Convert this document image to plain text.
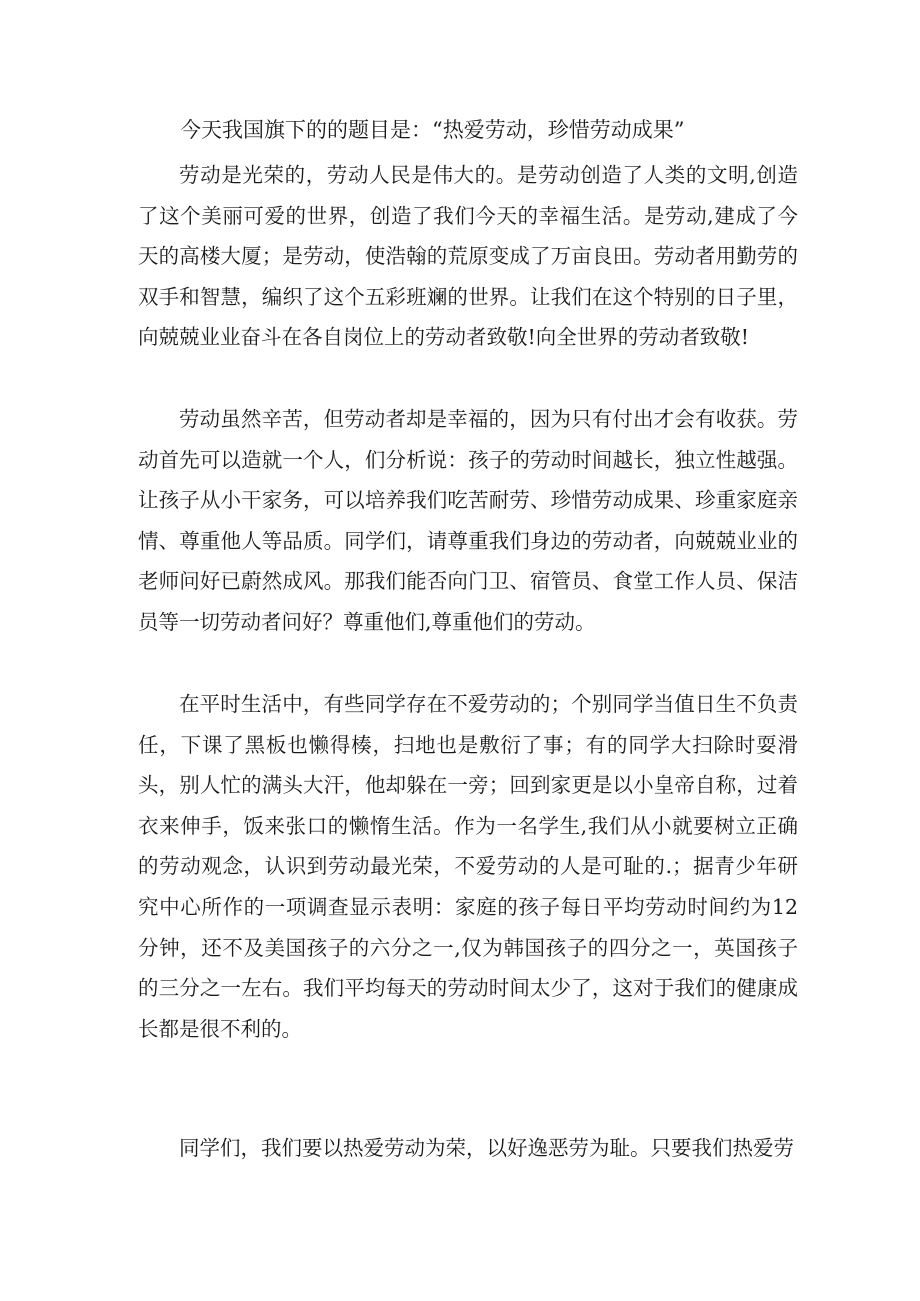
今天我国旗下的的题目是：“热爱劳动，珍惜劳动成果”

劳动是光荣的，劳动人民是伟大的。是劳动创造了人类的文明,创造了这个美丽可爱的世界，创造了我们今天的幸福生活。是劳动,建成了今天的高楼大厦；是劳动，使浩翰的荒原变成了万亩良田。劳动者用勤劳的双手和智慧，编织了这个五彩班斓的世界。让我们在这个特别的日子里，向兢兢业业奋斗在各自岗位上的劳动者致敬!向全世界的劳动者致敬!

劳动虽然辛苦，但劳动者却是幸福的，因为只有付出才会有收获。劳动首先可以造就一个人，们分析说：孩子的劳动时间越长，独立性越强。让孩子从小干家务，可以培养我们吃苦耐劳、珍惜劳动成果、珍重家庭亲情、尊重他人等品质。同学们，请尊重我们身边的劳动者，向兢兢业业的老师问好已蔚然成风。那我们能否向门卫、宿管员、食堂工作人员、保洁员等一切劳动者问好？尊重他们,尊重他们的劳动。

在平时生活中，有些同学存在不爱劳动的；个别同学当值日生不负责任，下课了黑板也懒得楱，扫地也是敷衍了事；有的同学大扫除时耍滑头，别人忙的满头大汗，他却躲在一旁；回到家更是以小皇帝自称，过着衣来伸手，饭来张口的懒惰生活。作为一名学生,我们从小就要树立正确的劳动观念，认识到劳动最光荣，不爱劳动的人是可耻的.；据青少年研究中心所作的一项调查显示表明：家庭的孩子每日平均劳动时间约为12分钟，还不及美国孩子的六分之一,仅为韩国孩子的四分之一，英国孩子的三分之一左右。我们平均每天的劳动时间太少了，这对于我们的健康成长都是很不利的。

同学们，我们要以热爱劳动为荣，以好逸恶劳为耻。只要我们热爱劳
